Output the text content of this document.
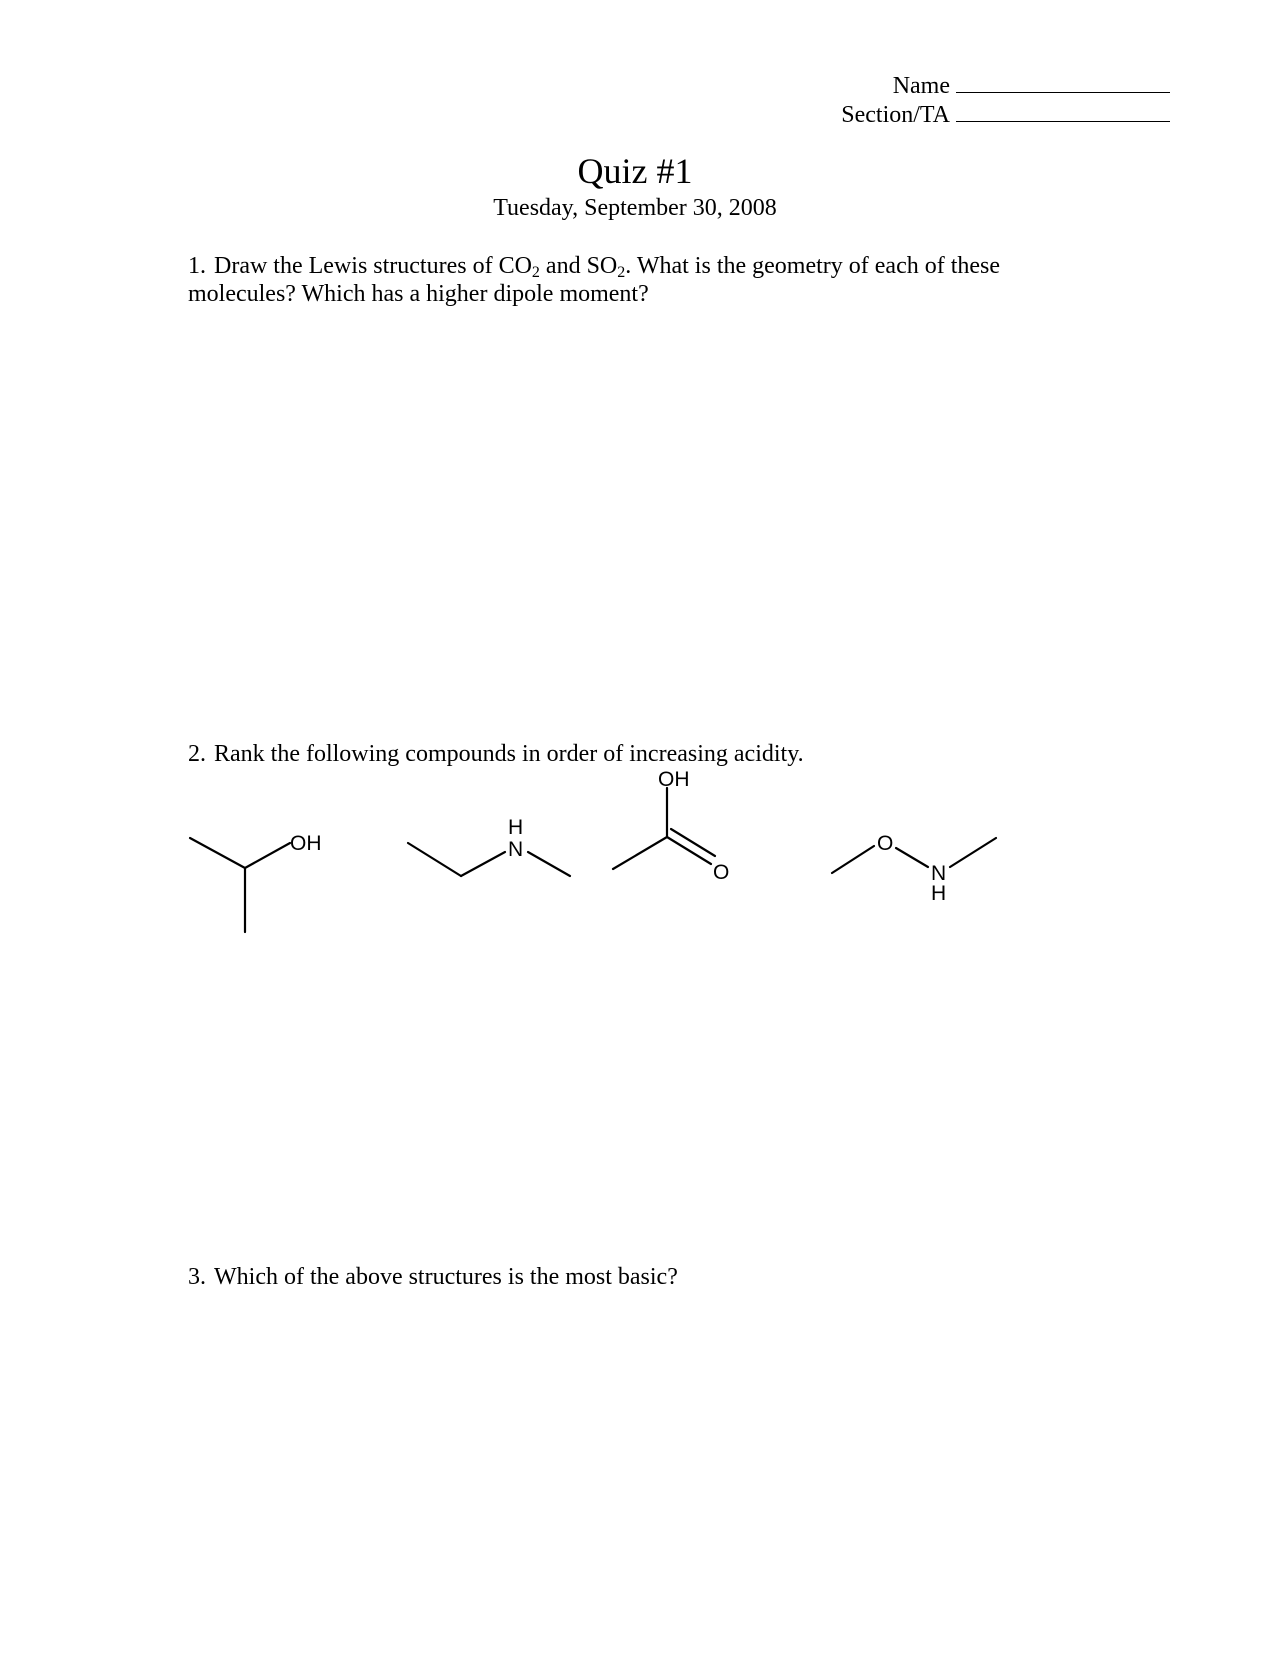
Name
Section/TA
Quiz #1
Tuesday, September 30, 2008
1. Draw the Lewis structures of $CO_2$ and $SO_2$. What is the geometry of each of these molecules? Which has a higher dipole moment?
2. Rank the following compounds in order of increasing acidity.
OH
H
N
OH
O
O
N
H
3. Which of the above structures is the most basic?
